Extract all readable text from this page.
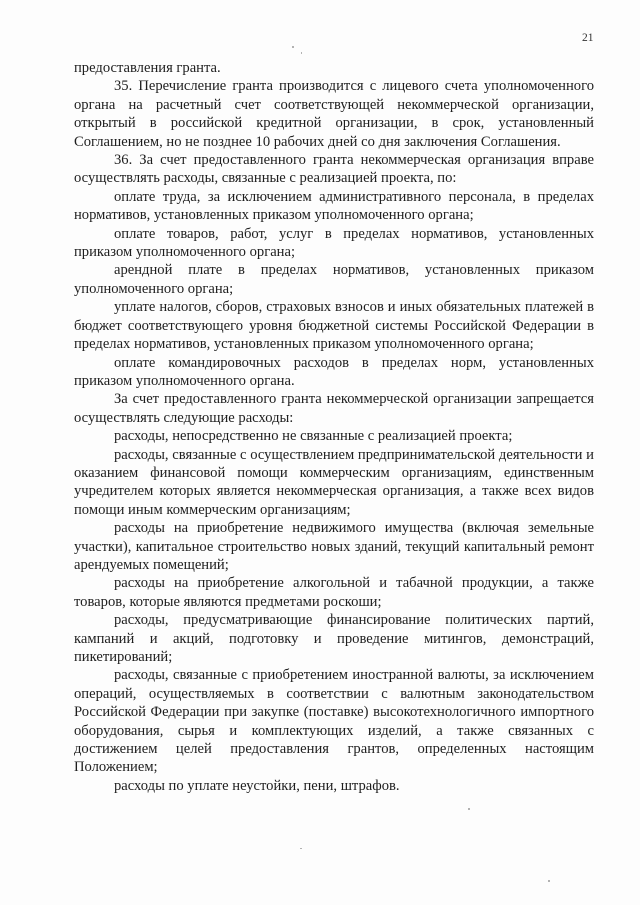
21

предоставления гранта.

35. Перечисление гранта производится с лицевого счета уполномоченного органа на расчетный счет соответствующей некоммерческой организации, открытый в российской кредитной организации, в срок, установленный Соглашением, но не позднее 10 рабочих дней со дня заключения Соглашения.

36. За счет предоставленного гранта некоммерческая организация вправе осуществлять расходы, связанные с реализацией проекта, по:

оплате труда, за исключением административного персонала, в пределах нормативов, установленных приказом уполномоченного органа;

оплате товаров, работ, услуг в пределах нормативов, установленных приказом уполномоченного органа;

арендной плате в пределах нормативов, установленных приказом уполномоченного органа;

уплате налогов, сборов, страховых взносов и иных обязательных платежей в бюджет соответствующего уровня бюджетной системы Российской Федерации в пределах нормативов, установленных приказом уполномоченного органа;

оплате командировочных расходов в пределах норм, установленных приказом уполномоченного органа.

За счет предоставленного гранта некоммерческой организации запрещается осуществлять следующие расходы:

расходы, непосредственно не связанные с реализацией проекта;

расходы, связанные с осуществлением предпринимательской деятельности и оказанием финансовой помощи коммерческим организациям, единственным учредителем которых является некоммерческая организация, а также всех видов помощи иным коммерческим организациям;

расходы на приобретение недвижимого имущества (включая земельные участки), капитальное строительство новых зданий, текущий капитальный ремонт арендуемых помещений;

расходы на приобретение алкогольной и табачной продукции, а также товаров, которые являются предметами роскоши;

расходы, предусматривающие финансирование политических партий, кампаний и акций, подготовку и проведение митингов, демонстраций, пикетирований;

расходы, связанные с приобретением иностранной валюты, за исключением операций, осуществляемых в соответствии с валютным законодательством Российской Федерации при закупке (поставке) высокотехнологичного импортного оборудования, сырья и комплектующих изделий, а также связанных с достижением целей предоставления грантов, определенных настоящим Положением;

расходы по уплате неустойки, пени, штрафов.
